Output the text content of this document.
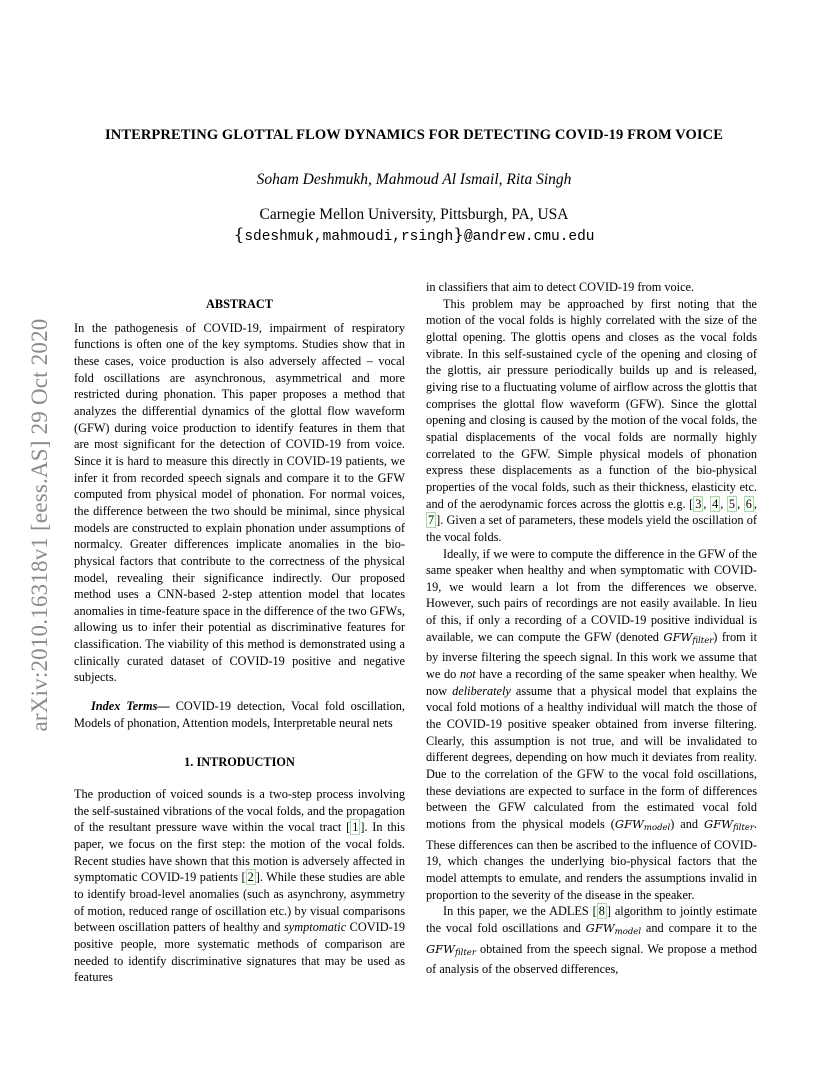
arXiv:2010.16318v1 [eess.AS] 29 Oct 2020
INTERPRETING GLOTTAL FLOW DYNAMICS FOR DETECTING COVID-19 FROM VOICE
Soham Deshmukh, Mahmoud Al Ismail, Rita Singh
Carnegie Mellon University, Pittsburgh, PA, USA
{sdeshmuk,mahmoudi,rsingh}@andrew.cmu.edu
ABSTRACT

In the pathogenesis of COVID-19, impairment of respiratory functions is often one of the key symptoms. Studies show that in these cases, voice production is also adversely affected – vocal fold oscillations are asynchronous, asymmetrical and more restricted during phonation. This paper proposes a method that analyzes the differential dynamics of the glottal flow waveform (GFW) during voice production to identify features in them that are most significant for the detection of COVID-19 from voice. Since it is hard to measure this directly in COVID-19 patients, we infer it from recorded speech signals and compare it to the GFW computed from physical model of phonation. For normal voices, the difference between the two should be minimal, since physical models are constructed to explain phonation under assumptions of normalcy. Greater differences implicate anomalies in the bio-physical factors that contribute to the correctness of the physical model, revealing their significance indirectly. Our proposed method uses a CNN-based 2-step attention model that locates anomalies in time-feature space in the difference of the two GFWs, allowing us to infer their potential as discriminative features for classification. The viability of this method is demonstrated using a clinically curated dataset of COVID-19 positive and negative subjects.

Index Terms— COVID-19 detection, Vocal fold oscillation, Models of phonation, Attention models, Interpretable neural nets

1. INTRODUCTION

The production of voiced sounds is a two-step process involving the self-sustained vibrations of the vocal folds, and the propagation of the resultant pressure wave within the vocal tract [ 1 ]. In this paper, we focus on the first step: the motion of the vocal folds. Recent studies have shown that this motion is adversely affected in symptomatic COVID-19 patients [ 2 ]. While these studies are able to identify broad-level anomalies (such as asynchrony, asymmetry of motion, reduced range of oscillation etc.) by visual comparisons between oscillation patters of healthy and symptomatic COVID-19 positive people, more systematic methods of comparison are needed to identify discriminative signatures that may be used as features

in classifiers that aim to detect COVID-19 from voice.

This problem may be approached by first noting that the motion of the vocal folds is highly correlated with the size of the glottal opening. The glottis opens and closes as the vocal folds vibrate. In this self-sustained cycle of the opening and closing of the glottis, air pressure periodically builds up and is released, giving rise to a fluctuating volume of airflow across the glottis that comprises the glottal flow waveform (GFW). Since the glottal opening and closing is caused by the motion of the vocal folds, the spatial displacements of the vocal folds are normally highly correlated to the GFW. Simple physical models of phonation express these displacements as a function of the bio-physical properties of the vocal folds, such as their thickness, elasticity etc. and of the aerodynamic forces across the glottis e.g. [ 3 , 4 , 5 , 6 , 7 ]. Given a set of parameters, these models yield the oscillation of the vocal folds.

Ideally, if we were to compute the difference in the GFW of the same speaker when healthy and when symptomatic with COVID-19, we would learn a lot from the differences we observe. However, such pairs of recordings are not easily available. In lieu of this, if only a recording of a COVID-19 positive individual is available, we can compute the GFW (denoted $GFW_{filter}$) from it by inverse filtering the speech signal. In this work we assume that we do not have a recording of the same speaker when healthy. We now deliberately assume that a physical model that explains the vocal fold motions of a healthy individual will match the those of the COVID-19 positive speaker obtained from inverse filtering. Clearly, this assumption is not true, and will be invalidated to different degrees, depending on how much it deviates from reality. Due to the correlation of the GFW to the vocal fold oscillations, these deviations are expected to surface in the form of differences between the GFW calculated from the estimated vocal fold motions from the physical models $(GFW_{model})$ and $GFW_{filter}$. These differences can then be ascribed to the influence of COVID-19, which changes the underlying bio-physical factors that the model attempts to emulate, and renders the assumptions invalid in proportion to the severity of the disease in the speaker.

In this paper, we the ADLES [ 8 ] algorithm to jointly estimate the vocal fold oscillations and $GFW_{model}$ and compare it to the $GFW_{filter}$ obtained from the speech signal. We propose a method of analysis of the observed differences,
